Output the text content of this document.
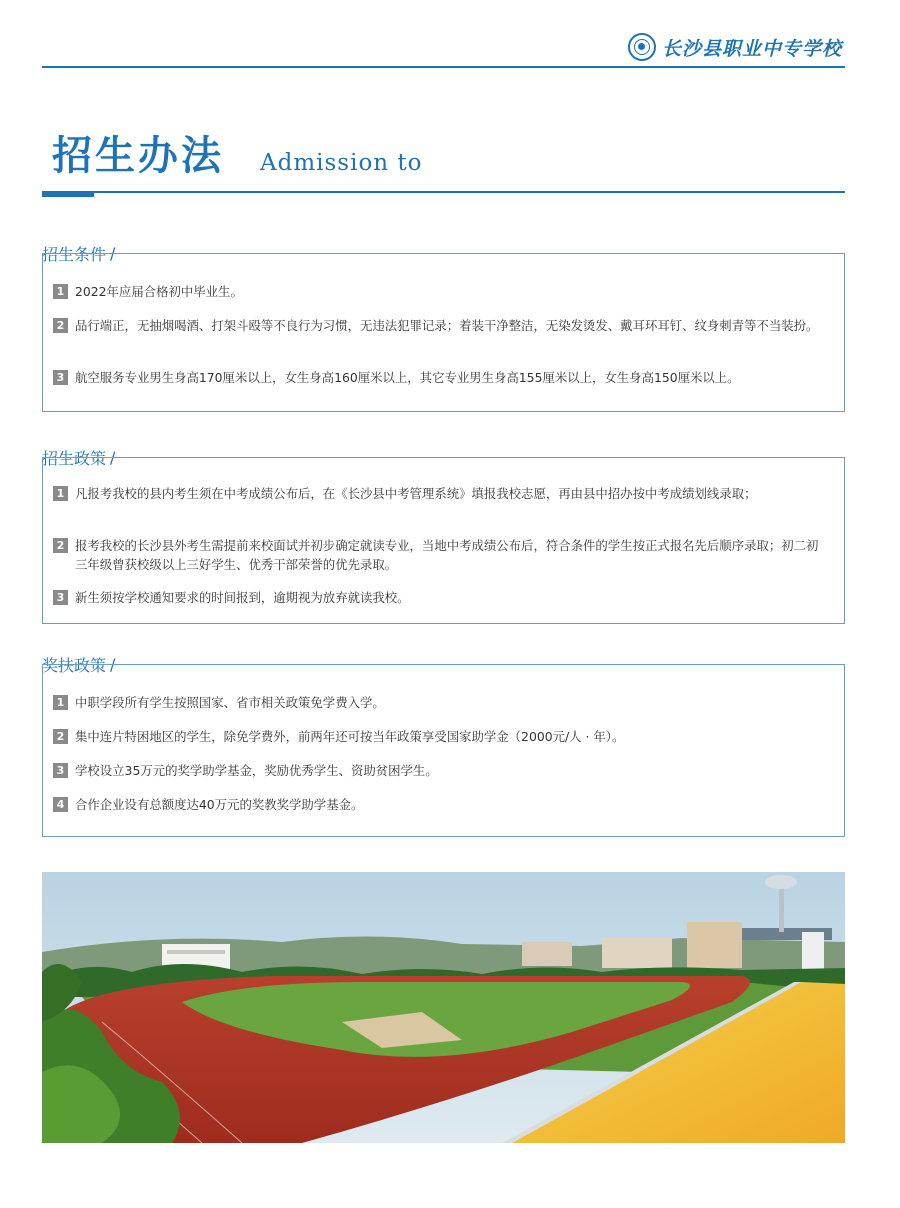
长沙县职业中专学校
招生办法 Admission to
招生条件 /
1 2022年应届合格初中毕业生。
2 品行端正，无抽烟喝酒、打架斗殴等不良行为习惯，无违法犯罪记录；着装干净整洁，无染发烫发、戴耳环耳钉、纹身刺青等不当装扮。
3 航空服务专业男生身高170厘米以上，女生身高160厘米以上，其它专业男生身高155厘米以上，女生身高150厘米以上。
招生政策 /
1 凡报考我校的县内考生须在中考成绩公布后，在《长沙县中考管理系统》填报我校志愿，再由县中招办按中考成绩划线录取；
2 报考我校的长沙县外考生需提前来校面试并初步确定就读专业，当地中考成绩公布后，符合条件的学生按正式报名先后顺序录取；初二初三年级曾获校级以上三好学生、优秀干部荣誉的优先录取。
3 新生须按学校通知要求的时间报到，逾期视为放弃就读我校。
奖扶政策 /
1 中职学段所有学生按照国家、省市相关政策免学费入学。
2 集中连片特困地区的学生，除免学费外，前两年还可按当年政策享受国家助学金（2000元/人 · 年）。
3 学校设立35万元的奖学助学基金，奖励优秀学生、资助贫困学生。
4 合作企业设有总额度达40万元的奖教奖学助学基金。
